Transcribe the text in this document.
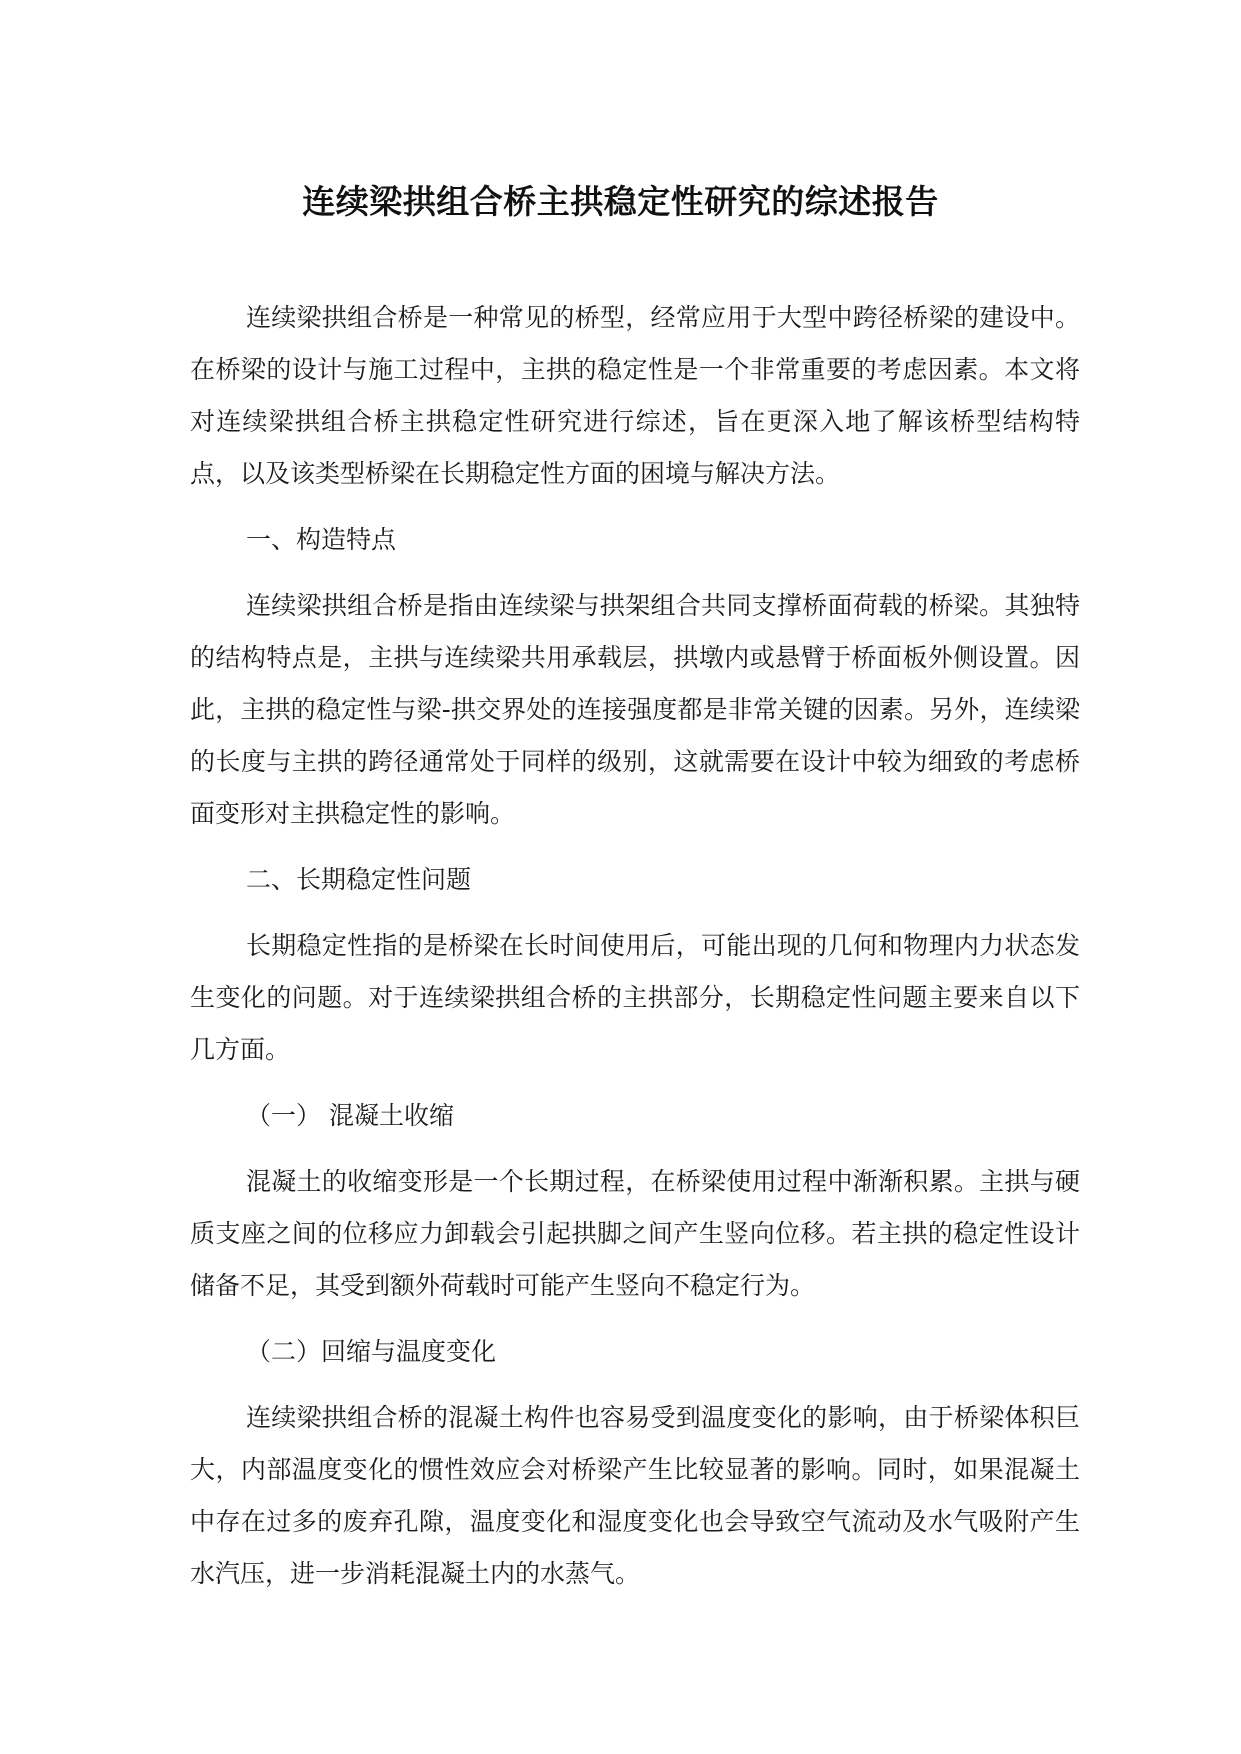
连续梁拱组合桥主拱稳定性研究的综述报告

连续梁拱组合桥是一种常见的桥型，经常应用于大型中跨径桥梁的建设中。在桥梁的设计与施工过程中，主拱的稳定性是一个非常重要的考虑因素。本文将对连续梁拱组合桥主拱稳定性研究进行综述，旨在更深入地了解该桥型结构特点，以及该类型桥梁在长期稳定性方面的困境与解决方法。

一、构造特点

连续梁拱组合桥是指由连续梁与拱架组合共同支撑桥面荷载的桥梁。其独特的结构特点是，主拱与连续梁共用承载层，拱墩内或悬臂于桥面板外侧设置。因此，主拱的稳定性与梁-拱交界处的连接强度都是非常关键的因素。另外，连续梁的长度与主拱的跨径通常处于同样的级别，这就需要在设计中较为细致的考虑桥面变形对主拱稳定性的影响。

二、长期稳定性问题

长期稳定性指的是桥梁在长时间使用后，可能出现的几何和物理内力状态发生变化的问题。对于连续梁拱组合桥的主拱部分，长期稳定性问题主要来自以下几方面。

（一） 混凝土收缩

混凝土的收缩变形是一个长期过程，在桥梁使用过程中渐渐积累。主拱与硬质支座之间的位移应力卸载会引起拱脚之间产生竖向位移。若主拱的稳定性设计储备不足，其受到额外荷载时可能产生竖向不稳定行为。

（二）回缩与温度变化

连续梁拱组合桥的混凝土构件也容易受到温度变化的影响，由于桥梁体积巨大，内部温度变化的惯性效应会对桥梁产生比较显著的影响。同时，如果混凝土中存在过多的废弃孔隙，温度变化和湿度变化也会导致空气流动及水气吸附产生水汽压，进一步消耗混凝土内的水蒸气。
